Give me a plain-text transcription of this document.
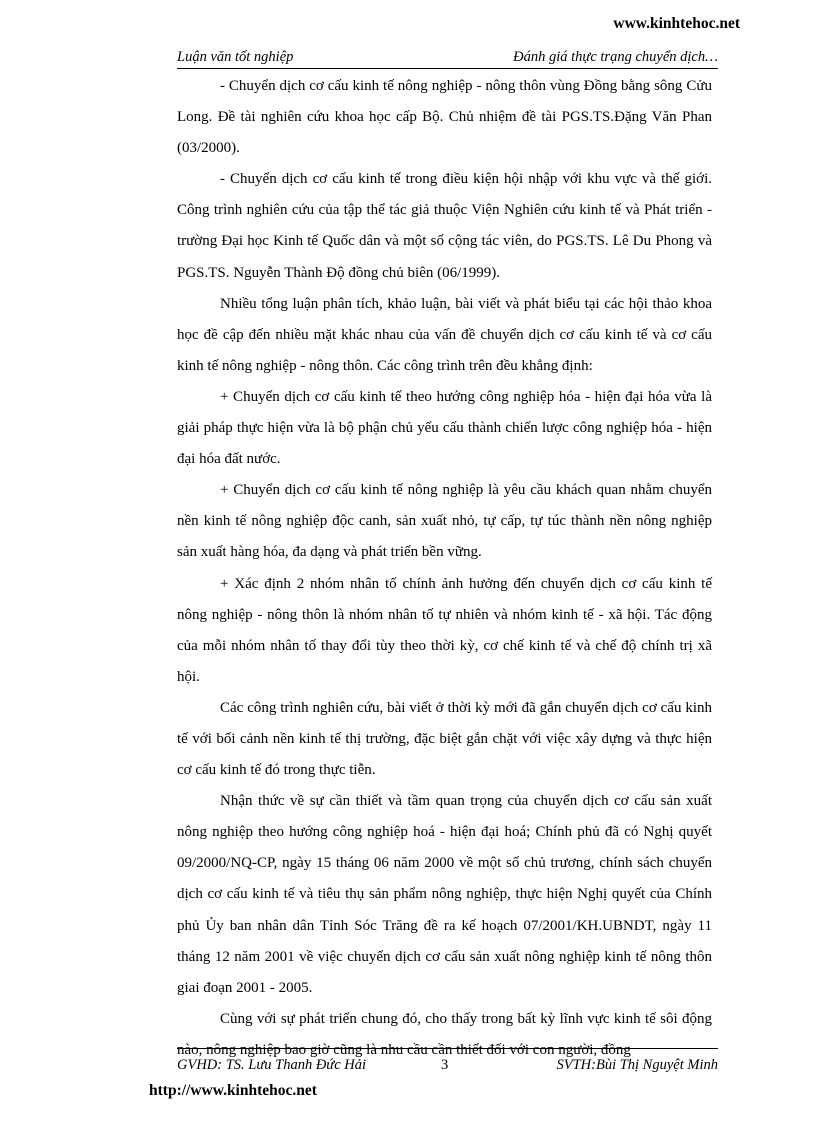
www.kinhtehoc.net
Luận văn tốt nghiệp	Đánh giá thực trạng chuyển dịch…

- Chuyển dịch cơ cấu kinh tế nông nghiệp - nông thôn vùng Đồng bằng sông Cửu Long. Đề tài nghiên cứu khoa học cấp Bộ. Chủ nhiệm đề tài PGS.TS.Đặng Văn Phan (03/2000).

- Chuyển dịch cơ cấu kinh tế trong điều kiện hội nhập với khu vực và thế giới. Công trình nghiên cứu của tập thể tác giả thuộc Viện Nghiên cứu kinh tế và Phát triển - trường Đại học Kinh tế Quốc dân và một số cộng tác viên, do PGS.TS. Lê Du Phong và PGS.TS. Nguyễn Thành Độ đồng chủ biên (06/1999).

Nhiều tổng luận phân tích, khảo luận, bài viết và phát biểu tại các hội thảo khoa học đề cập đến nhiều mặt khác nhau của vấn đề chuyển dịch cơ cấu kinh tế và cơ cấu kinh tế nông nghiệp - nông thôn. Các công trình trên đều khẳng định:

+ Chuyển dịch cơ cấu kinh tế theo hướng công nghiệp hóa - hiện đại hóa vừa là giải pháp thực hiện vừa là bộ phận chủ yếu cấu thành chiến lược công nghiệp hóa - hiện đại hóa đất nước.

+ Chuyển dịch cơ cấu kinh tế nông nghiệp là yêu cầu khách quan nhằm chuyển nền kinh tế nông nghiệp độc canh, sản xuất nhỏ, tự cấp, tự túc thành nền nông nghiệp sản xuất hàng hóa, đa dạng và phát triển bền vững.

+ Xác định 2 nhóm nhân tố chính ảnh hưởng đến chuyển dịch cơ cấu kinh tế nông nghiệp - nông thôn là nhóm nhân tố tự nhiên và nhóm kinh tế - xã hội. Tác động của mỗi nhóm nhân tố thay đổi tùy theo thời kỳ, cơ chế kinh tế và chế độ chính trị xã hội.

Các công trình nghiên cứu, bài viết ở thời kỳ mới đã gắn chuyển dịch cơ cấu kinh tế với bối cảnh nền kinh tế thị trường, đặc biệt gắn chặt với việc xây dựng và thực hiện cơ cấu kinh tế đó trong thực tiễn.

Nhận thức về sự cần thiết và tầm quan trọng của chuyển dịch cơ cấu sản xuất nông nghiệp theo hướng công nghiệp hoá - hiện đại hoá; Chính phủ đã có Nghị quyết 09/2000/NQ-CP, ngày 15 tháng 06 năm 2000 về một số chủ trương, chính sách chuyển dịch cơ cấu kinh tế và tiêu thụ sản phẩm nông nghiệp, thực hiện Nghị quyết của Chính phủ Ủy ban nhân dân Tỉnh Sóc Trăng đề ra kế hoạch 07/2001/KH.UBNDT, ngày 11 tháng 12 năm 2001 về việc chuyển dịch cơ cấu sản xuất nông nghiệp kinh tế nông thôn giai đoạn 2001 - 2005.

Cùng với sự phát triển chung đó, cho thấy trong bất kỳ lĩnh vực kinh tế sôi động nào, nông nghiệp bao giờ cũng là nhu cầu cần thiết đối với con người, đồng

GVHD: TS. Lưu Thanh Đức Hải	3	SVTH:Bùi Thị Nguyệt Minh
http://www.kinhtehoc.net
